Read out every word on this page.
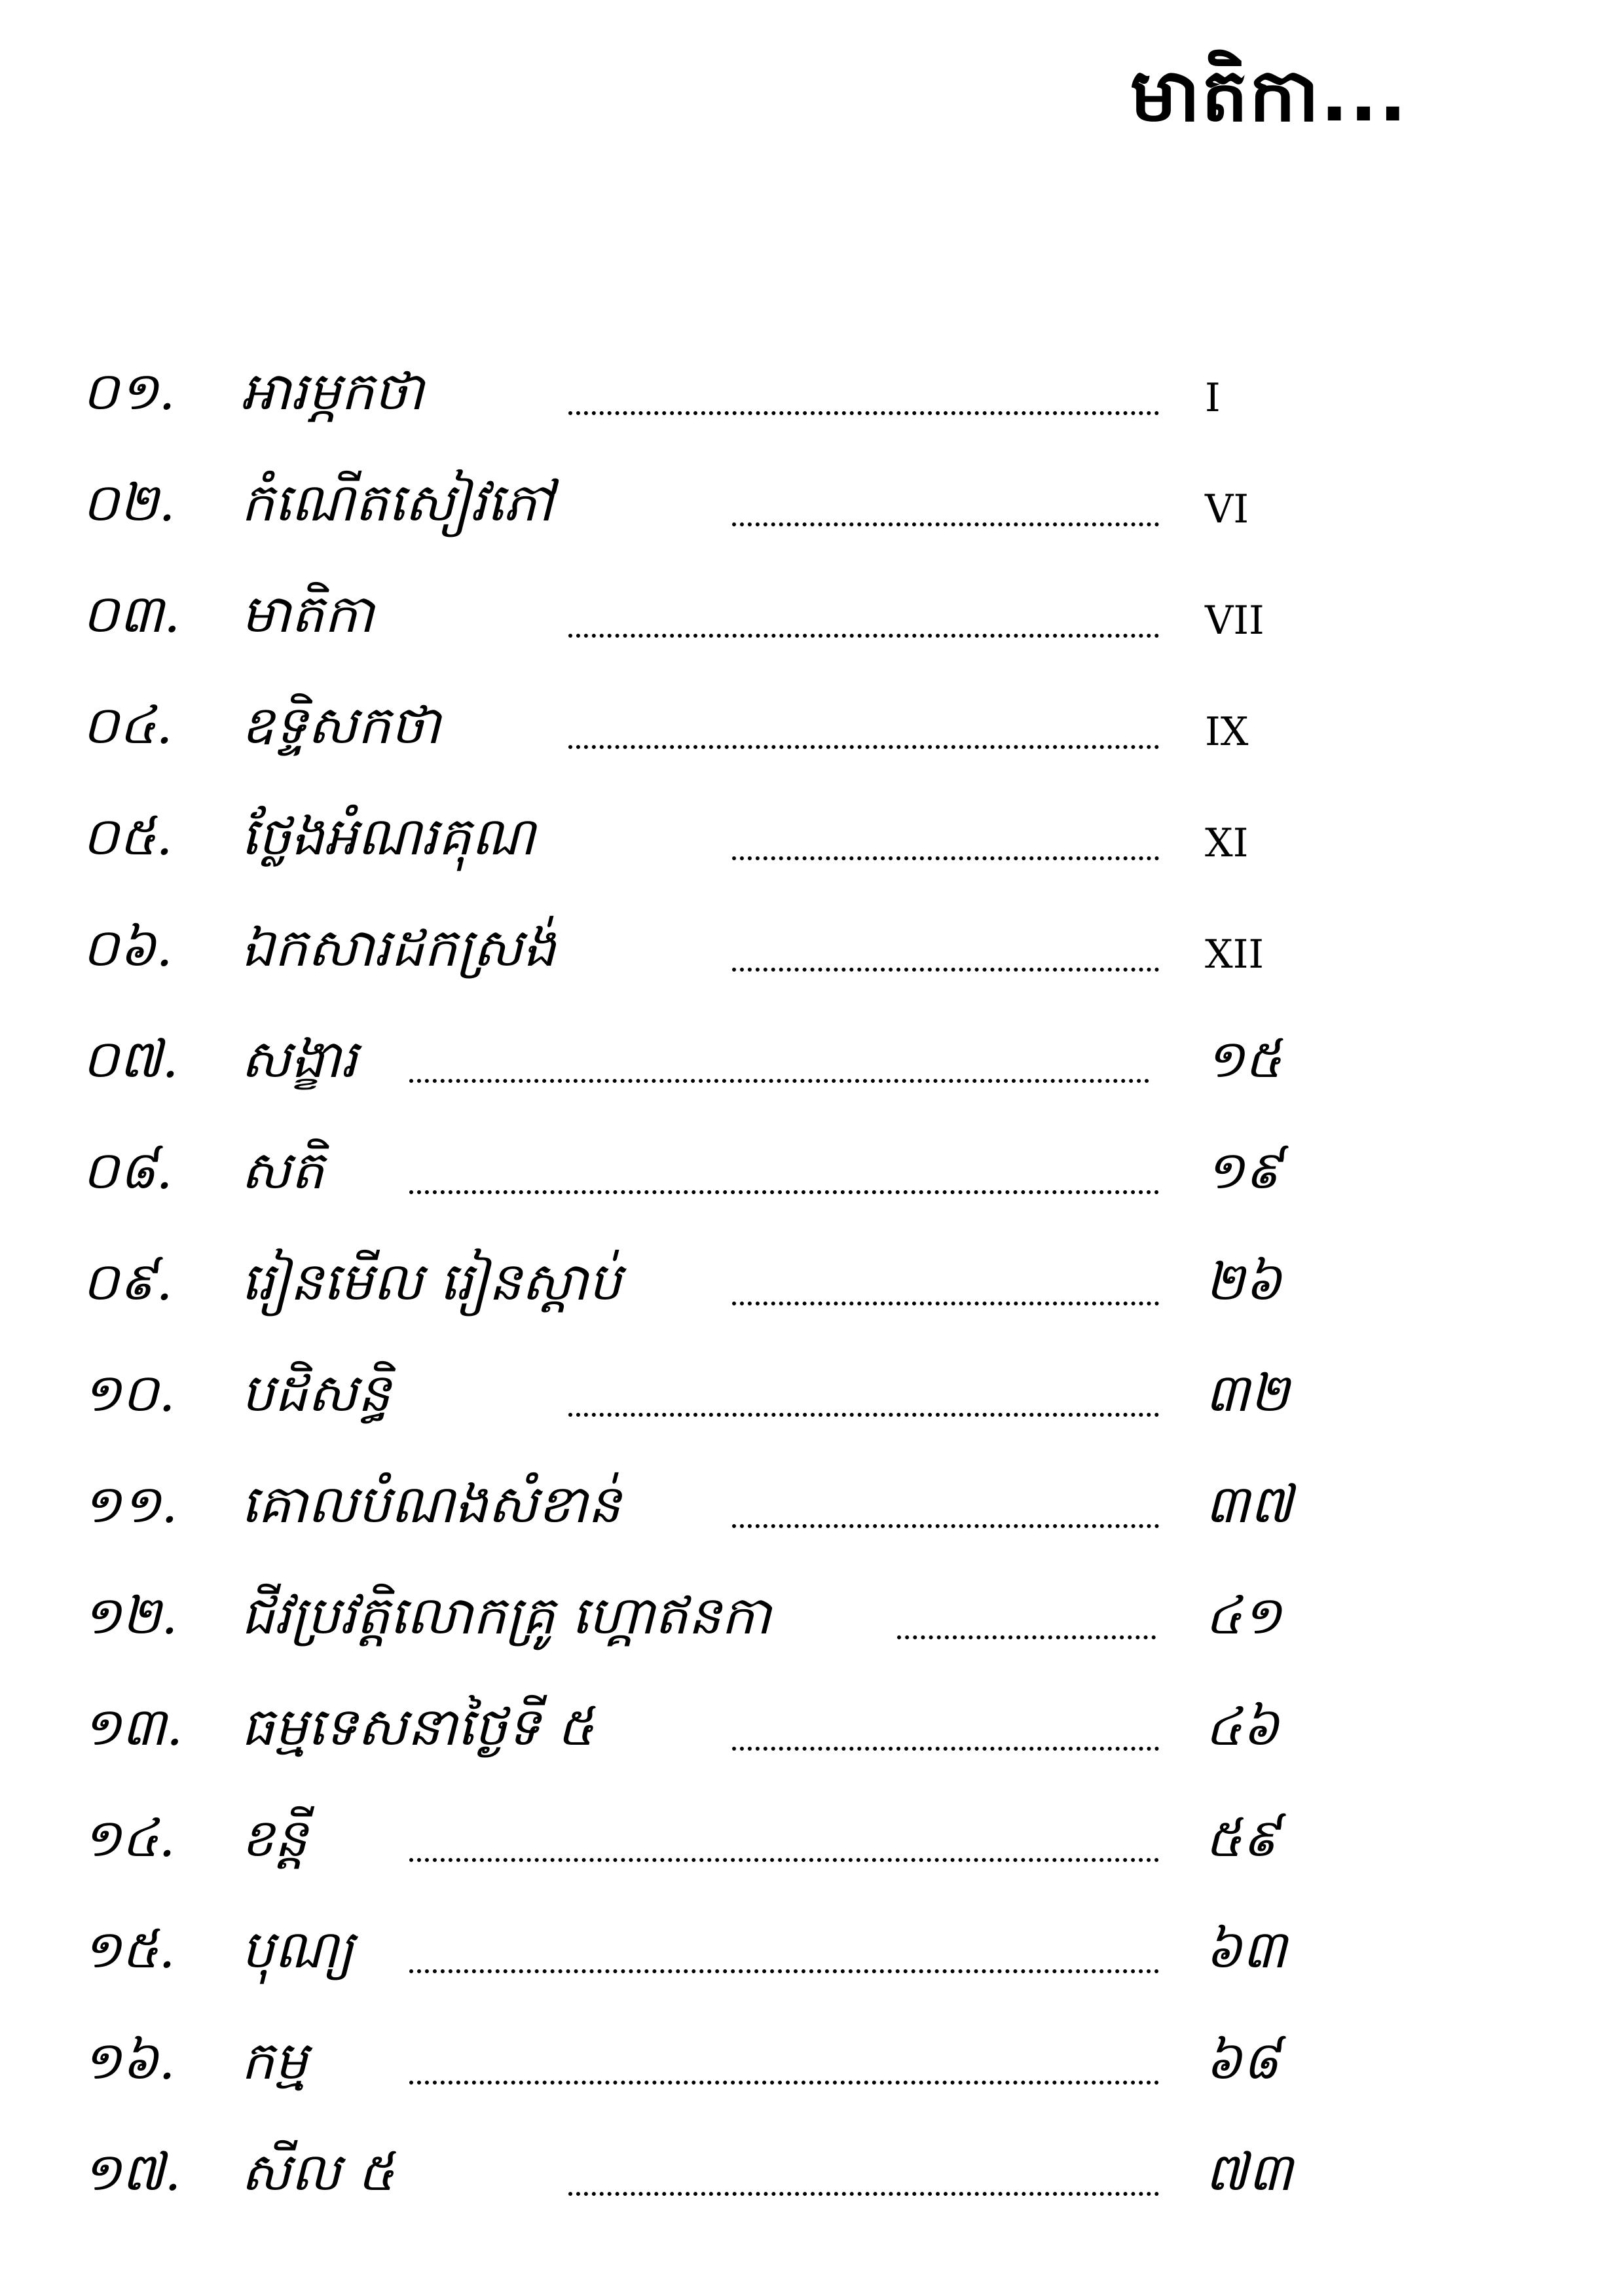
មាតិកា...
០១. អារម្ភកថា	I
០២. កំណើតសៀវភៅ	VI
០៣. មាតិកា	VII
០៤. ឧទ្ទិសកថា	IX
០៥. ថ្លែងអំណរគុណ	XI
០៦. ឯកសារដកស្រង់	XII
០៧. សង្ខារ	១៥
០៨. សតិ	១៩
០៩. រៀនមើល រៀនស្ដាប់	២៦
១០. បដិសន្ធិ	៣២
១១. គោលបំណងសំខាន់	៣៧
១២. ជីវប្រវត្តិលោកគ្រូ ហ្គោឥនកា	៤១
១៣. ធម្មទេសនាថ្ងៃទី ៥	៤៦
១៤. ខន្តី	៥៩
១៥. បុណ្យ	៦៣
១៦. កម្ម	៦៨
១៧. សីល ៥	៧៣
